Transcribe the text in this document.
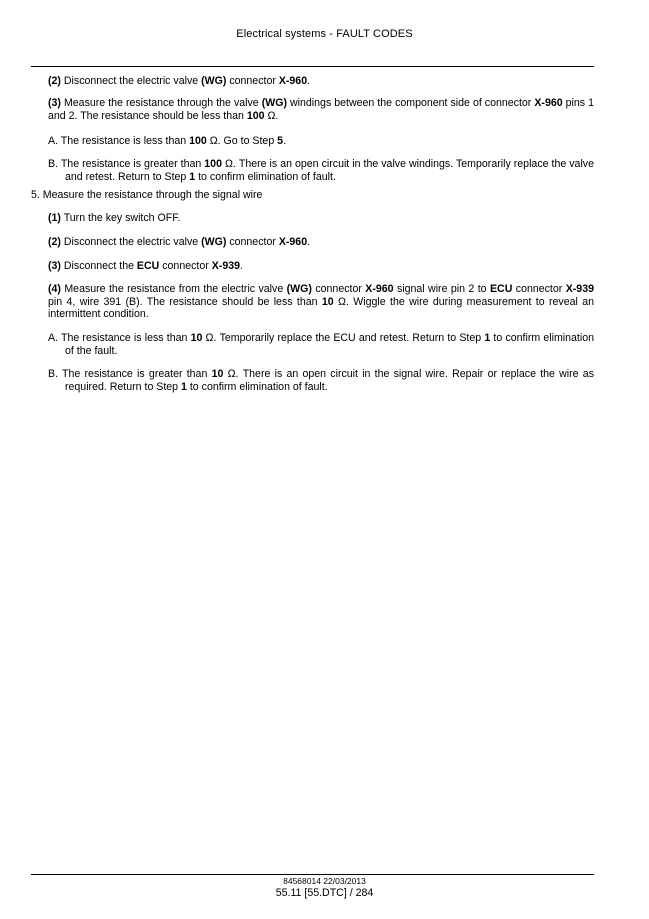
Electrical systems - FAULT CODES

(2) Disconnect the electric valve (WG) connector X-960.

(3) Measure the resistance through the valve (WG) windings between the component side of connector X-960 pins 1 and 2. The resistance should be less than 100 Ω.

A. The resistance is less than 100 Ω. Go to Step 5.

B. The resistance is greater than 100 Ω. There is an open circuit in the valve windings. Temporarily replace the valve and retest. Return to Step 1 to confirm elimination of fault.

5. Measure the resistance through the signal wire

(1) Turn the key switch OFF.

(2) Disconnect the electric valve (WG) connector X-960.

(3) Disconnect the ECU connector X-939.

(4) Measure the resistance from the electric valve (WG) connector X-960 signal wire pin 2 to ECU connector X-939 pin 4, wire 391 (B). The resistance should be less than 10 Ω. Wiggle the wire during measurement to reveal an intermittent condition.

A. The resistance is less than 10 Ω. Temporarily replace the ECU and retest. Return to Step 1 to confirm elimination of the fault.

B. The resistance is greater than 10 Ω. There is an open circuit in the signal wire. Repair or replace the wire as required. Return to Step 1 to confirm elimination of fault.

84568014 22/03/2013
55.11 [55.DTC] / 284
